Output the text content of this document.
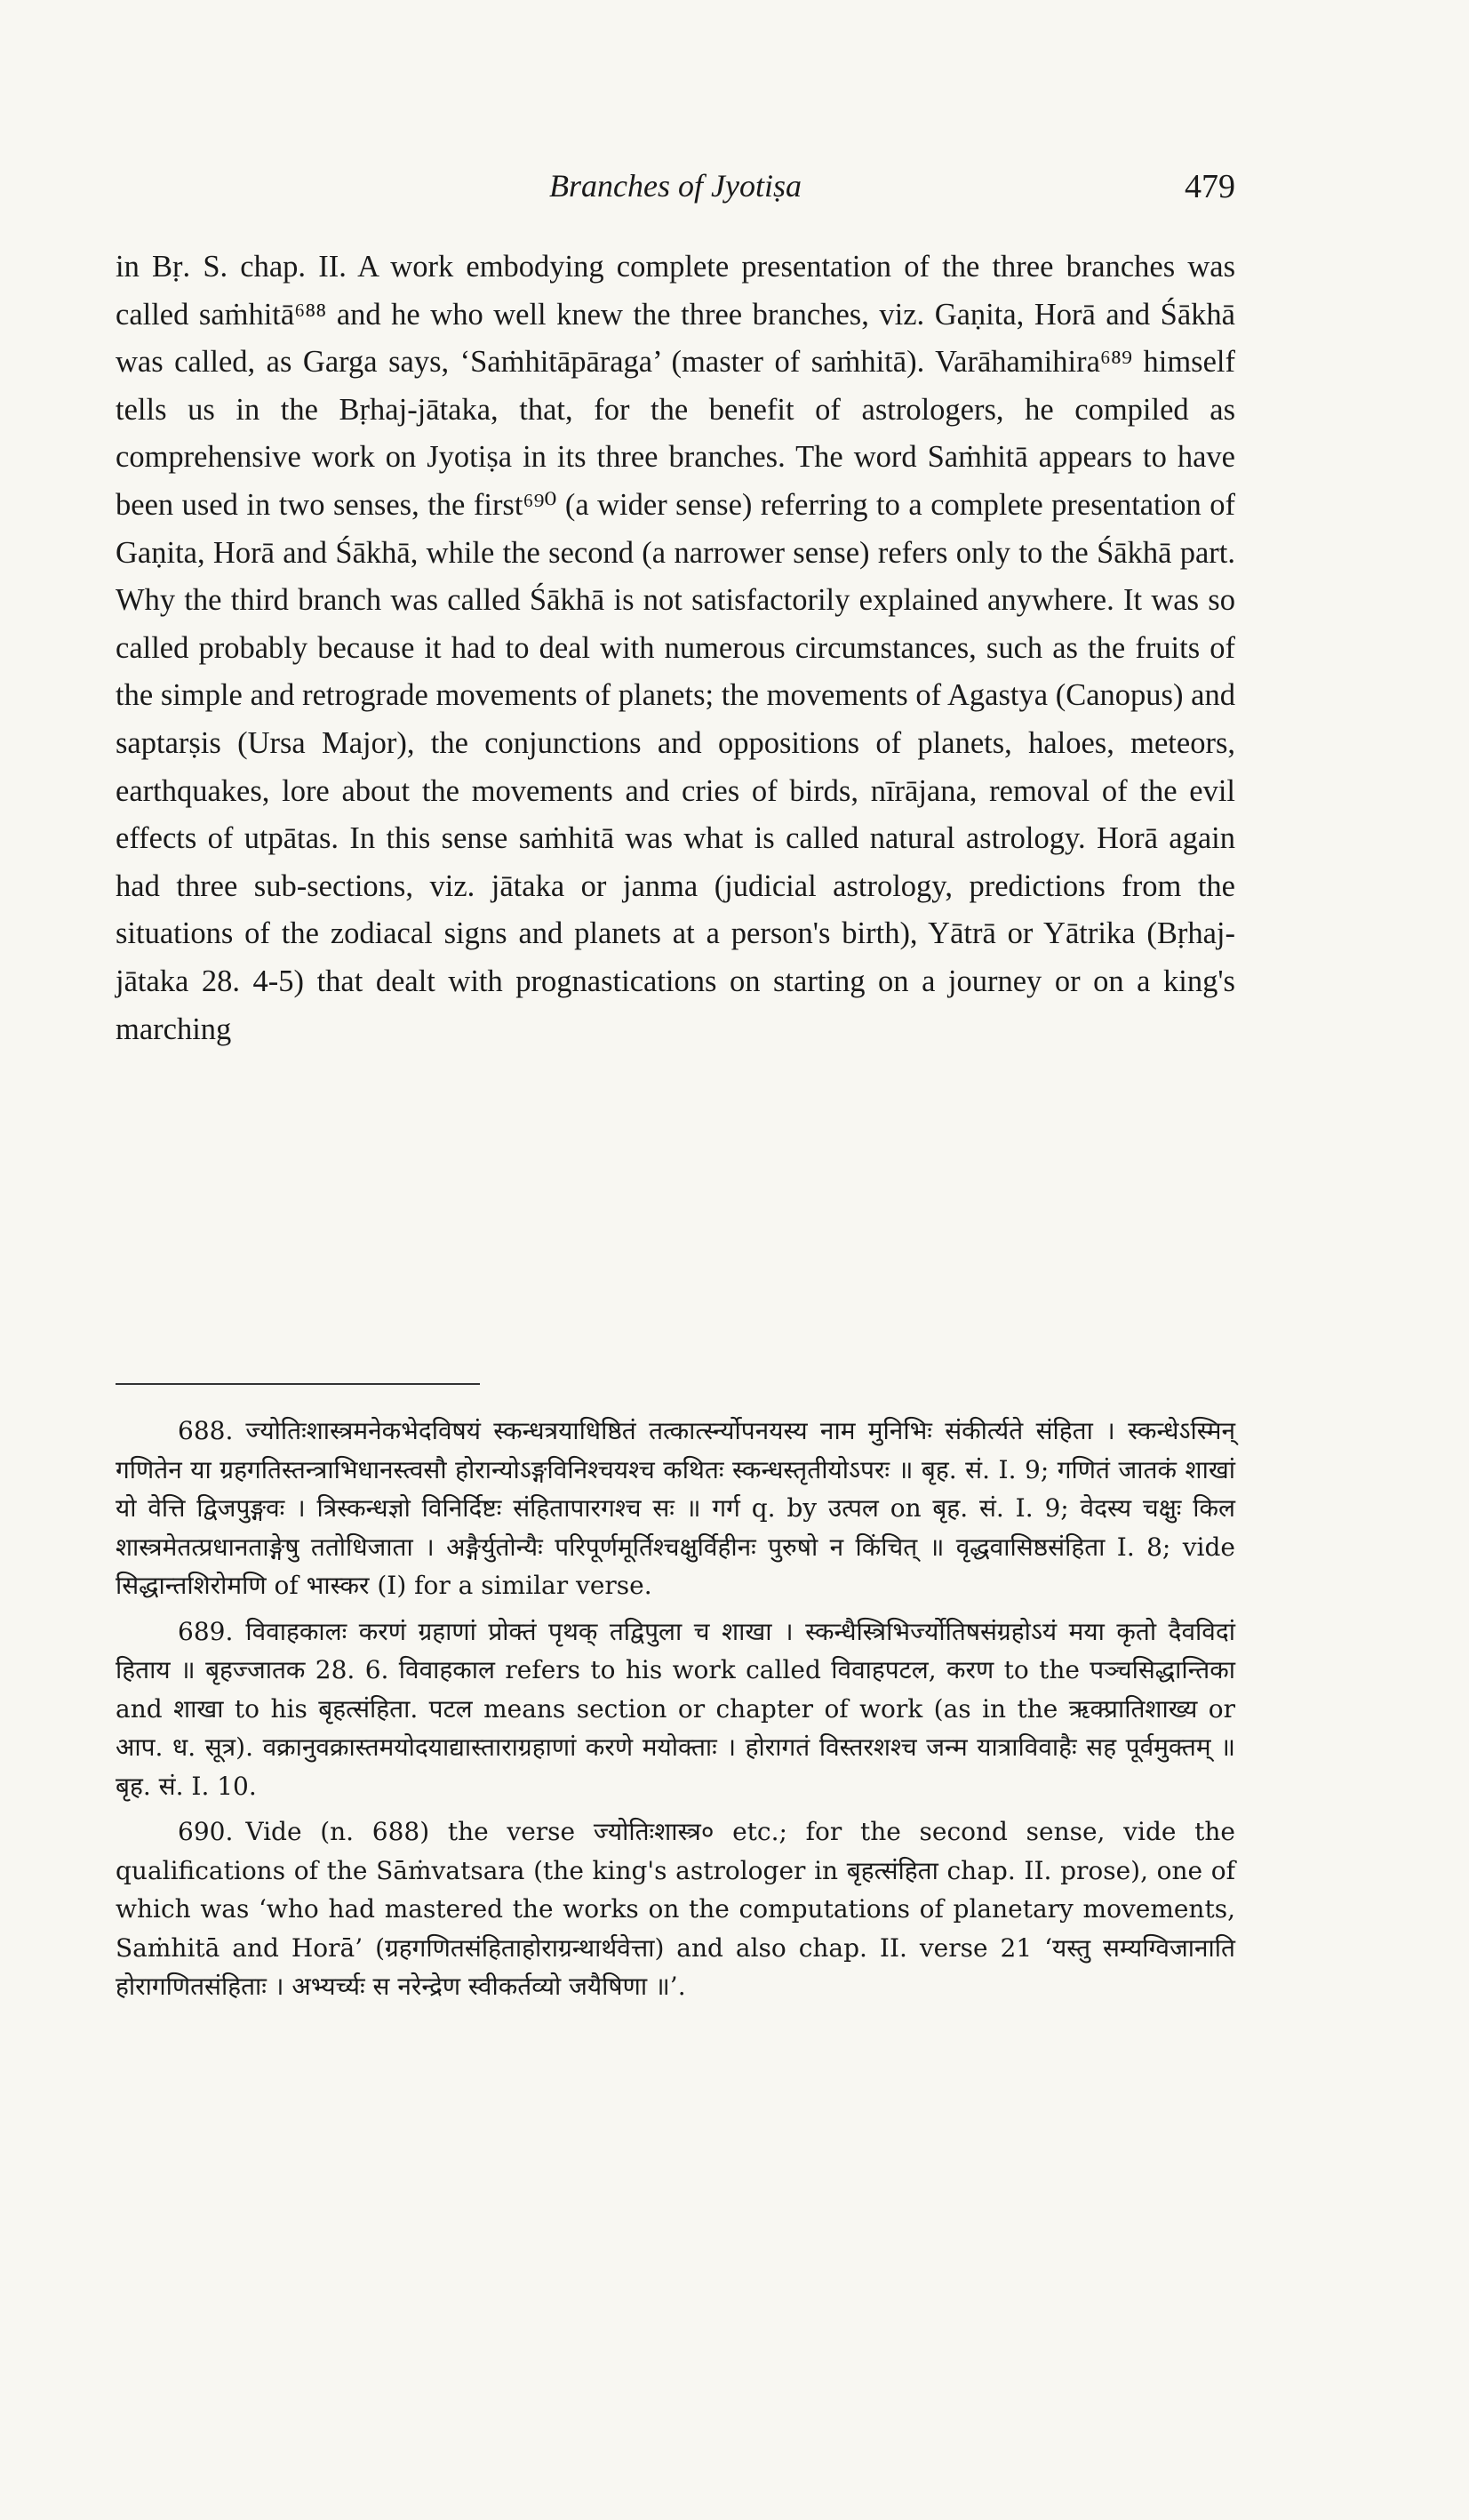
Branches of Jyotiṣa	479

in Bṛ. S. chap. II. A work embodying complete presentation of the three branches was called saṁhitā⁶⁸⁸ and he who well knew the three branches, viz. Gaṇita, Horā and Śākhā was called, as Garga says, ‘Saṁhitāpāraga’ (master of saṁhitā). Varāhamihira⁶⁸⁹ himself tells us in the Bṛhaj-jātaka, that, for the benefit of astrologers, he compiled as comprehensive work on Jyotiṣa in its three branches. The word Saṁhitā appears to have been used in two senses, the first⁶⁹⁰ (a wider sense) referring to a complete presentation of Gaṇita, Horā and Śākhā, while the second (a narrower sense) refers only to the Śākhā part. Why the third branch was called Śākhā is not satisfactorily explained anywhere. It was so called probably because it had to deal with numerous circumstances, such as the fruits of the simple and retrograde movements of planets; the movements of Agastya (Canopus) and saptarṣis (Ursa Major), the conjunctions and oppositions of planets, haloes, meteors, earthquakes, lore about the movements and cries of birds, nīrājana, removal of the evil effects of utpātas. In this sense saṁhitā was what is called natural astrology. Horā again had three sub-sections, viz. jātaka or janma (judicial astrology, predictions from the situations of the zodiacal signs and planets at a person's birth), Yātrā or Yātrika (Bṛhaj-jātaka 28. 4-5) that dealt with prognastications on starting on a journey or on a king's marching

688. ज्योतिःशास्त्रमनेकभेदविषयं स्कन्धत्रयाधिष्ठितं तत्कार्त्स्न्योपनयस्य नाम मुनिभिः संकीर्त्यते संहिता । स्कन्धेऽस्मिन् गणितेन या ग्रहगतिस्तन्त्राभिधानस्त्वसौ होरान्योऽङ्गविनिश्चयश्च कथितः स्कन्धस्तृतीयोऽपरः ॥ बृह. सं. I. 9; गणितं जातकं शाखां यो वेत्ति द्विजपुङ्गवः । त्रिस्कन्धज्ञो विनिर्दिष्टः संहितापारगश्च सः ॥ गर्ग q. by उत्पल on बृह. सं. I. 9; वेदस्य चक्षुः किल शास्त्रमेतत्प्रधानताङ्गेषु ततोधिजाता । अङ्गैर्युतोन्यैः परिपूर्णमूर्तिश्चक्षुर्विहीनः पुरुषो न किंचित् ॥ वृद्धवासिष्ठसंहिता I. 8; vide सिद्धान्तशिरोमणि of भास्कर (I) for a similar verse.

689. विवाहकालः करणं ग्रहाणां प्रोक्तं पृथक् तद्विपुला च शाखा । स्कन्धैस्त्रिभिर्ज्योतिषसंग्रहोऽयं मया कृतो दैवविदां हिताय ॥ बृहज्जातक 28. 6. विवाहकाल refers to his work called विवाहपटल, करण to the पञ्चसिद्धान्तिका and शाखा to his बृहत्संहिता. पटल means section or chapter of work (as in the ऋक्प्रातिशाख्य or आप. ध. सूत्र). वक्रानुवक्रास्तमयोदयाद्यास्ताराग्रहाणां करणे मयोक्ताः । होरागतं विस्तरशश्च जन्म यात्राविवाहैः सह पूर्वमुक्तम् ॥ बृह. सं. I. 10.

690. Vide (n. 688) the verse ज्योतिःशास्त्र० etc.; for the second sense, vide the qualifications of the Sāṁvatsara (the king's astrologer in बृहत्संहिता chap. II. prose), one of which was ‘who had mastered the works on the computations of planetary movements, Saṁhitā and Horā’ (ग्रहगणितसंहिताहोराग्रन्थार्थवेत्ता) and also chap. II. verse 21 ‘यस्तु सम्यग्विजानाति होरागणितसंहिताः । अभ्यर्च्यः स नरेन्द्रेण स्वीकर्तव्यो जयैषिणा ॥’.
